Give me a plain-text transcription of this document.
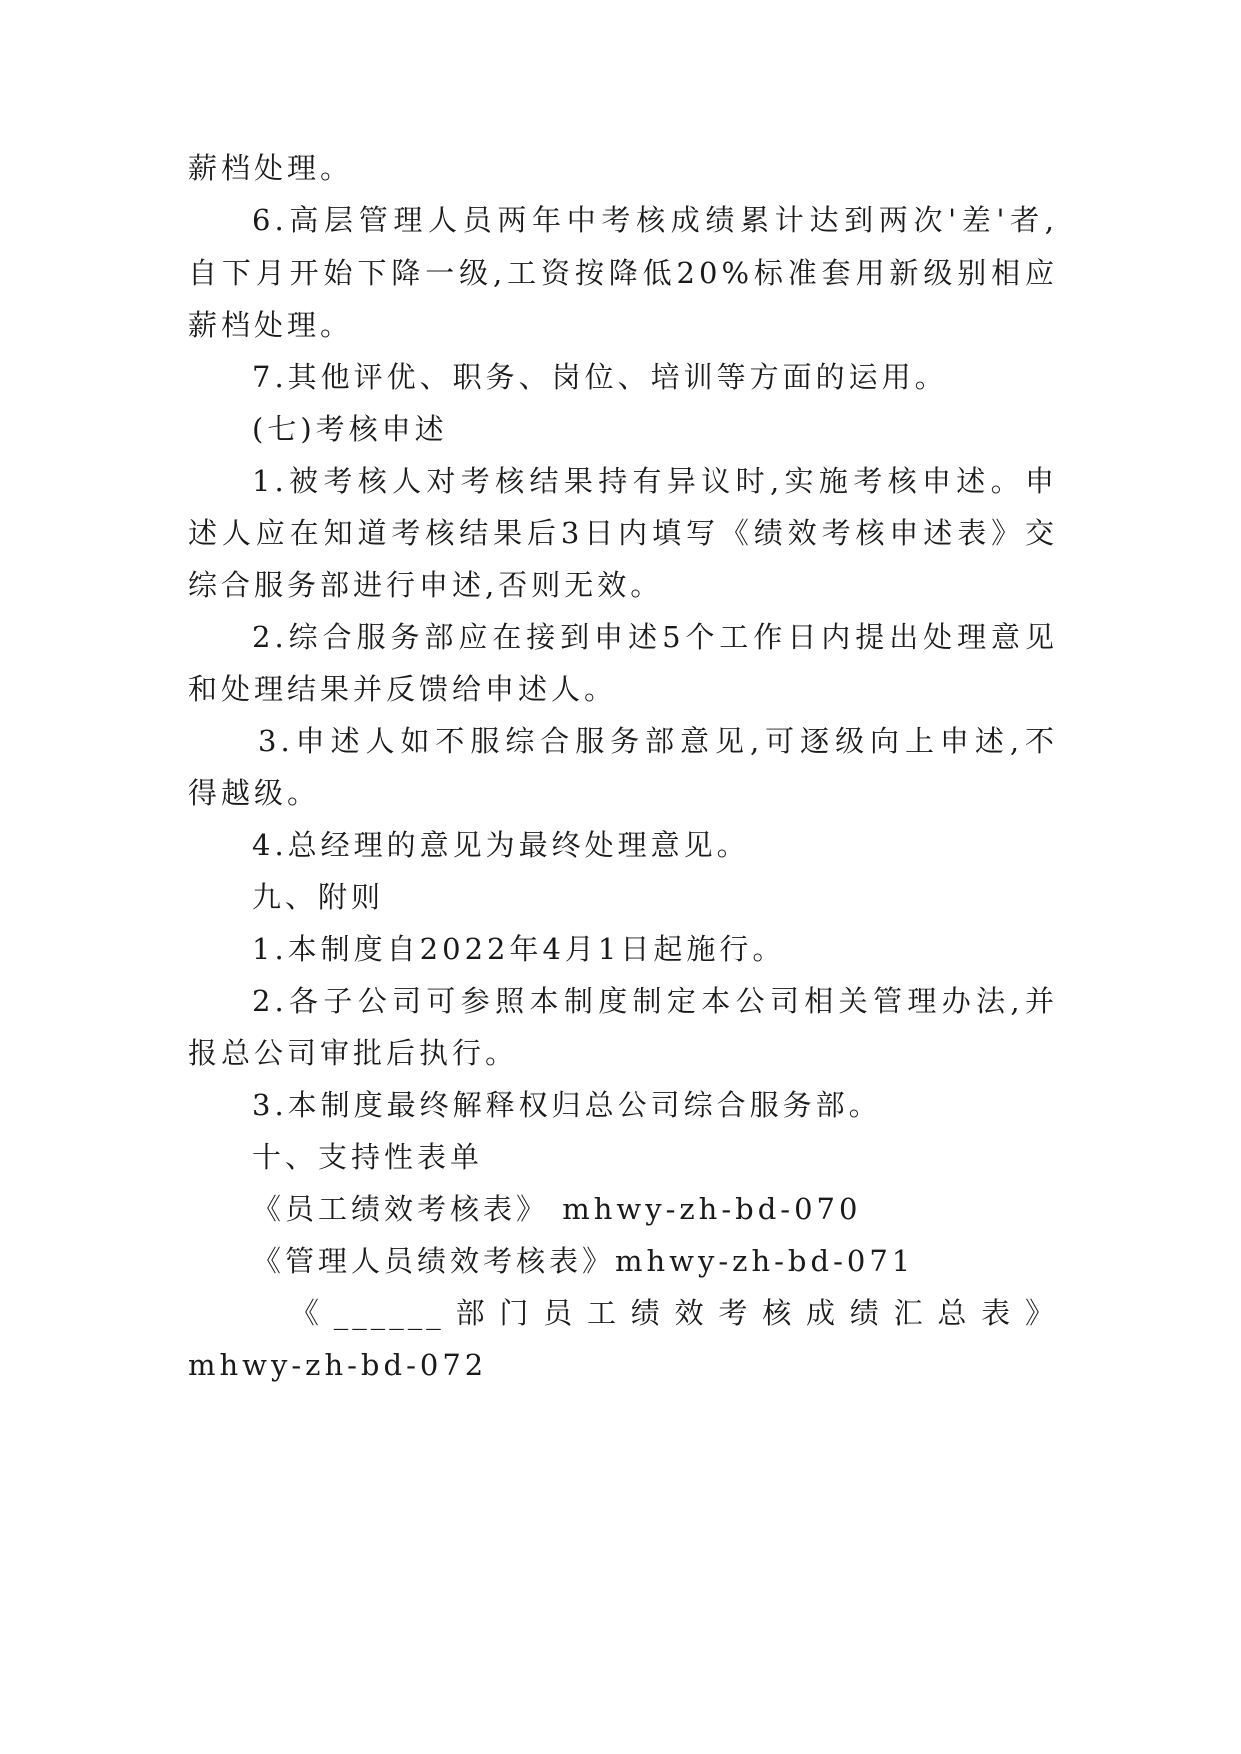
薪档处理。
6.高层管理人员两年中考核成绩累计达到两次'差'者,
自下月开始下降一级,工资按降低20%标准套用新级别相应
薪档处理。
7.其他评优、职务、岗位、培训等方面的运用。
(七)考核申述
1.被考核人对考核结果持有异议时,实施考核申述。申
述人应在知道考核结果后3日内填写《绩效考核申述表》交
综合服务部进行申述,否则无效。
2.综合服务部应在接到申述5个工作日内提出处理意见
和处理结果并反馈给申述人。
3.申述人如不服综合服务部意见,可逐级向上申述,不
得越级。
4.总经理的意见为最终处理意见。
九、附则
1.本制度自2022年4月1日起施行。
2.各子公司可参照本制度制定本公司相关管理办法,并
报总公司审批后执行。
3.本制度最终解释权归总公司综合服务部。
十、支持性表单
《员工绩效考核表》 mhwy-zh-bd-070
《管理人员绩效考核表》mhwy-zh-bd-071
《______部门员工绩效考核成绩汇总表》
mhwy-zh-bd-072
